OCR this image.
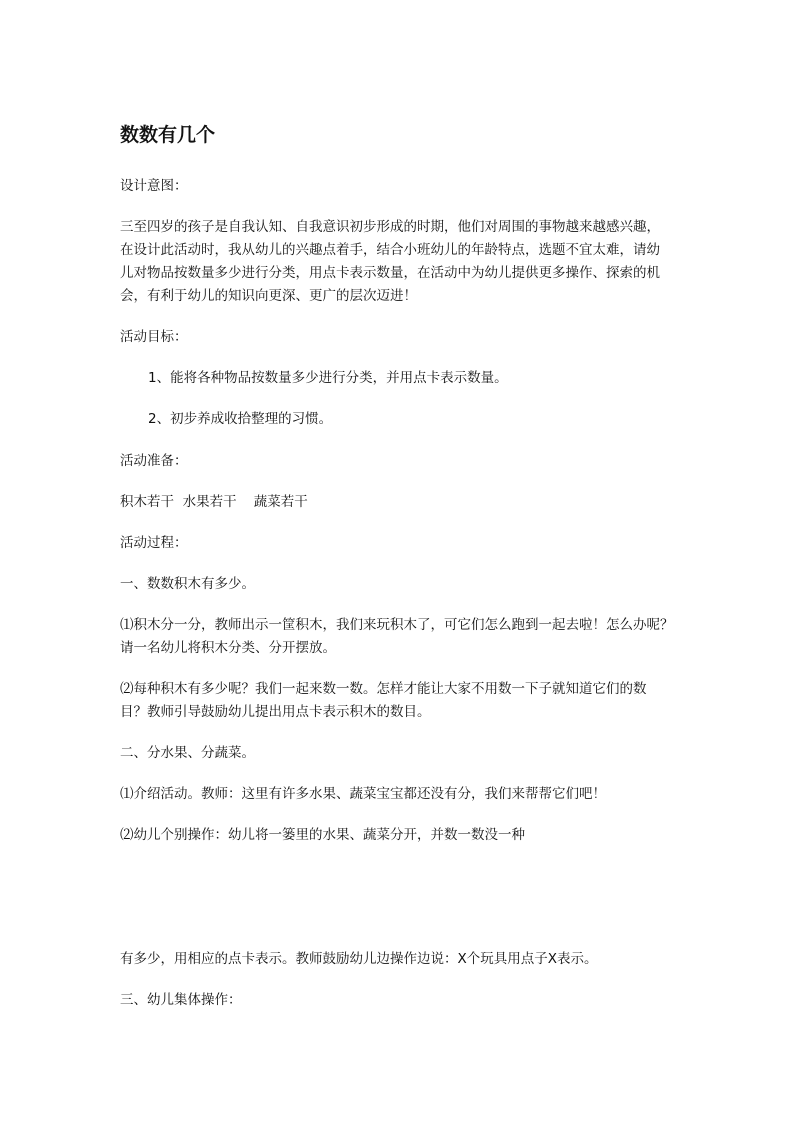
数数有几个

设计意图：

三至四岁的孩子是自我认知、自我意识初步形成的时期，他们对周围的事物越来越感兴趣，

在设计此活动时，我从幼儿的兴趣点着手，结合小班幼儿的年龄特点，选题不宜太难，请幼

儿对物品按数量多少进行分类，用点卡表示数量，在活动中为幼儿提供更多操作、探索的机

会，有利于幼儿的知识向更深、更广的层次迈进！

活动目标：

1、能将各种物品按数量多少进行分类，并用点卡表示数量。

2、初步养成收拾整理的习惯。

活动准备：

积木若干  水果若干    蔬菜若干

活动过程：

一、数数积木有多少。

⑴积木分一分，教师出示一筐积木，我们来玩积木了，可它们怎么跑到一起去啦！怎么办呢？

请一名幼儿将积木分类、分开摆放。

⑵每种积木有多少呢？我们一起来数一数。怎样才能让大家不用数一下子就知道它们的数

目？教师引导鼓励幼儿提出用点卡表示积木的数目。

二、分水果、分蔬菜。

⑴介绍活动。教师：这里有许多水果、蔬菜宝宝都还没有分，我们来帮帮它们吧！

⑵幼儿个别操作：幼儿将一篓里的水果、蔬菜分开，并数一数没一种

有多少，用相应的点卡表示。教师鼓励幼儿边操作边说：X个玩具用点子X表示。

三、幼儿集体操作：
